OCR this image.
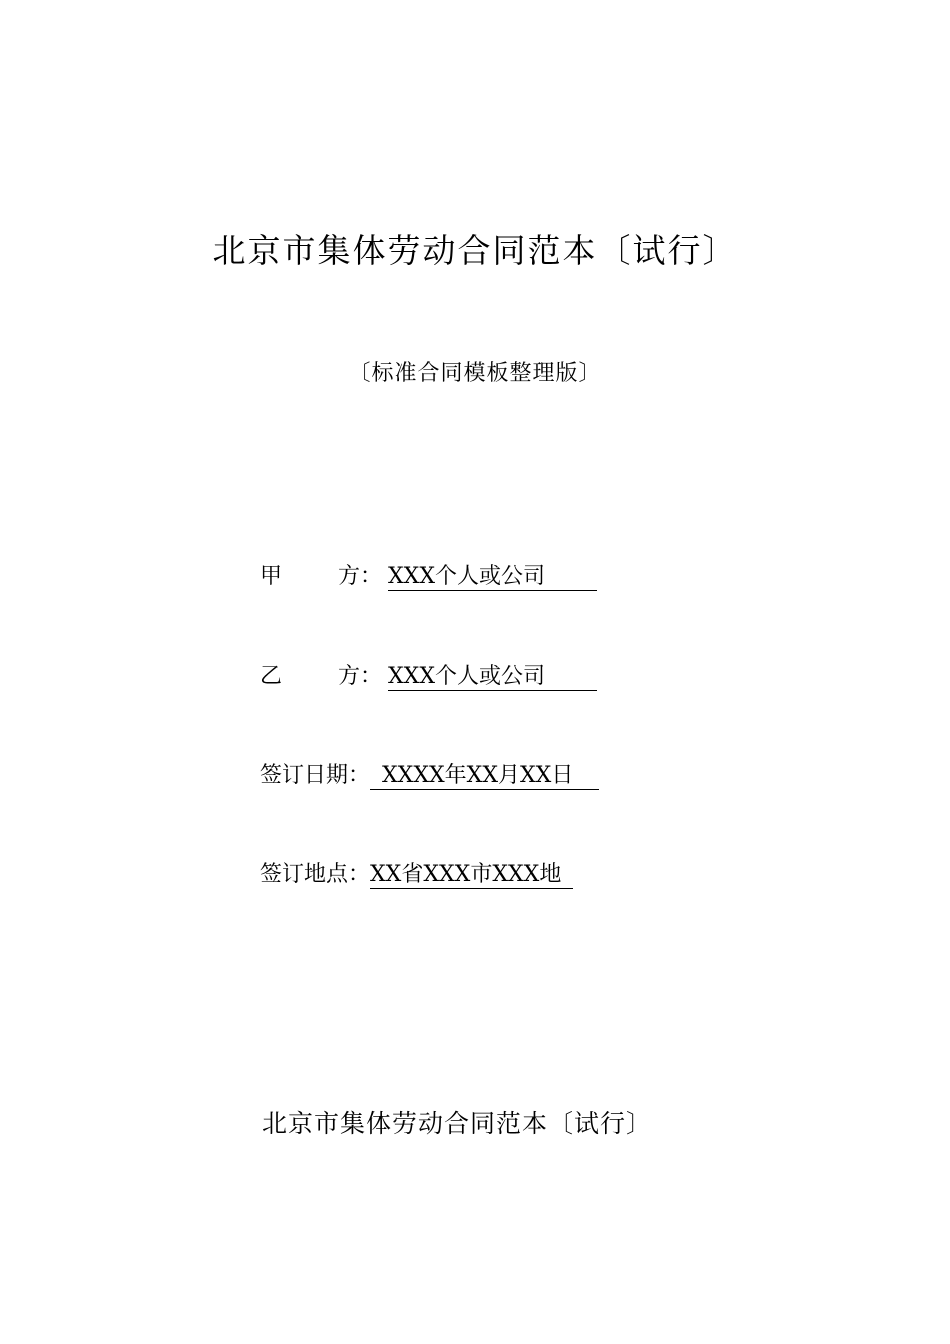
北京市集体劳动合同范本〔试行〕

〔标准合同模板整理版〕

甲	方： XXX个人或公司
乙	方： XXX个人或公司
签订日期： XXXX年XX月XX日
签订地点：XX省XXX市XXX地

北京市集体劳动合同范本〔试行〕
